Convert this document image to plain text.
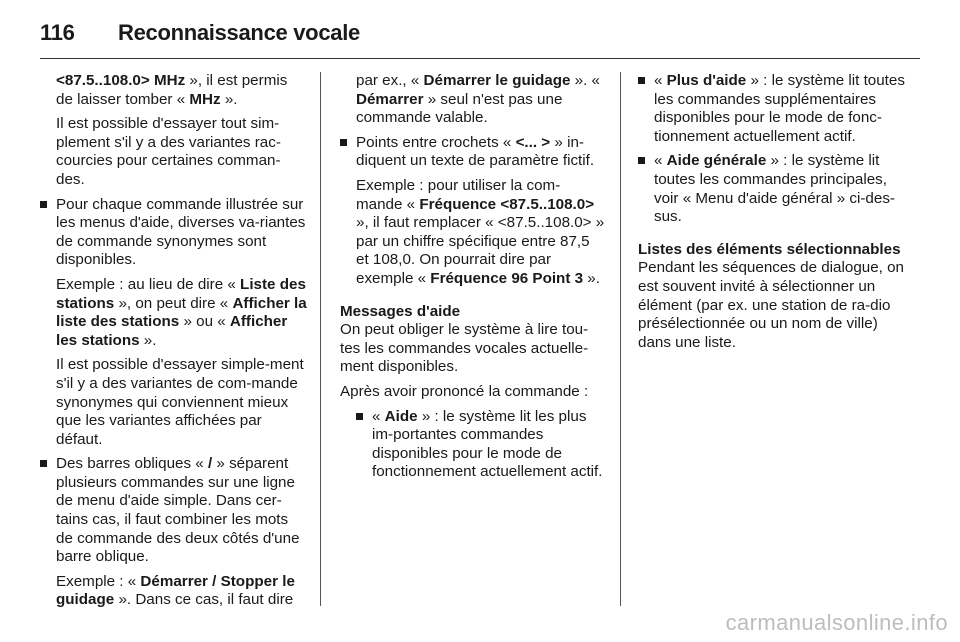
116 Reconnaissance vocale

<87.5..108.0> MHz », il est permis de laisser tomber « MHz ».

Il est possible d'essayer tout sim-plement s'il y a des variantes rac-courcies pour certaines comman-des.

Pour chaque commande illustrée sur les menus d'aide, diverses va-riantes de commande synonymes sont disponibles.

Exemple : au lieu de dire « Liste des stations », on peut dire « Afficher la liste des stations » ou « Afficher les stations ».

Il est possible d'essayer simple-ment s'il y a des variantes de com-mande synonymes qui conviennent mieux que les variantes affichées par défaut.

Des barres obliques « / » séparent plusieurs commandes sur une ligne de menu d'aide simple. Dans cer-tains cas, il faut combiner les mots de commande des deux côtés d'une barre oblique.

Exemple : « Démarrer / Stopper le guidage ». Dans ce cas, il faut dire

par ex., « Démarrer le guidage ». « Démarrer » seul n'est pas une commande valable.

Points entre crochets « <... > » in-diquent un texte de paramètre fictif.

Exemple : pour utiliser la com-mande « Fréquence <87.5..108.0> », il faut remplacer « <87.5..108.0> » par un chiffre spécifique entre 87,5 et 108,0. On pourrait dire par exemple « Fréquence 96 Point 3 ».

Messages d'aide

On peut obliger le système à lire tou-tes les commandes vocales actuelle-ment disponibles.

Après avoir prononcé la commande :

« Aide » : le système lit les plus im-portantes commandes disponibles pour le mode de fonctionnement actuellement actif.

« Plus d'aide » : le système lit toutes les commandes supplémentaires disponibles pour le mode de fonc-tionnement actuellement actif.

« Aide générale » : le système lit toutes les commandes principales, voir « Menu d'aide général » ci-des-sus.

Listes des éléments sélectionnables

Pendant les séquences de dialogue, on est souvent invité à sélectionner un élément (par ex. une station de ra-dio présélectionnée ou un nom de ville) dans une liste.

carmanualsonline.info
